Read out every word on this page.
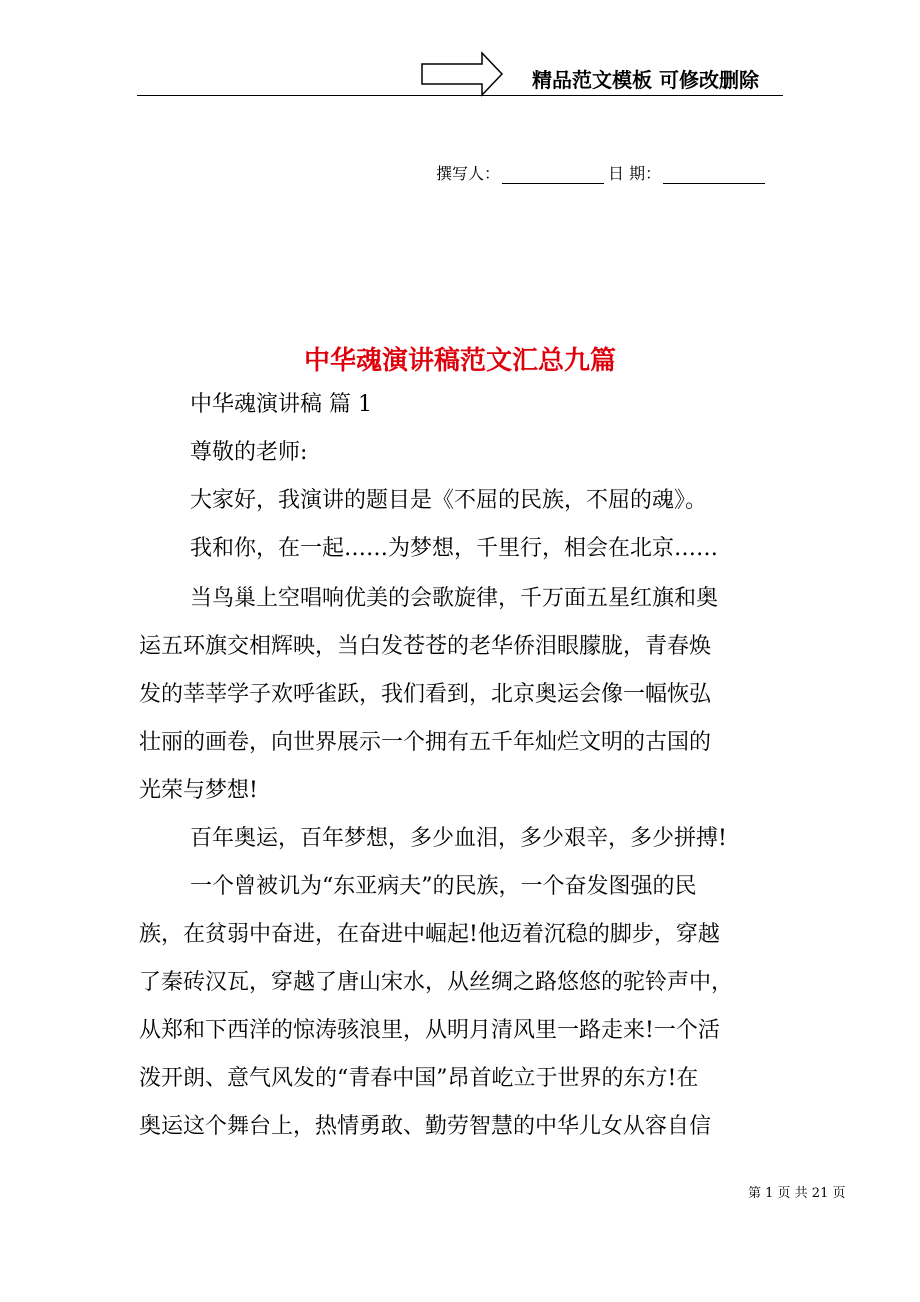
精品范文模板 可修改删除
撰写人：	日 期：
中华魂演讲稿范文汇总九篇
中华魂演讲稿 篇 1
尊敬的老师:
大家好，我演讲的题目是《不屈的民族，不屈的魂》。
我和你，在一起……为梦想，千里行，相会在北京……
当鸟巢上空唱响优美的会歌旋律，千万面五星红旗和奥
运五环旗交相辉映，当白发苍苍的老华侨泪眼朦胧，青春焕
发的莘莘学子欢呼雀跃，我们看到，北京奥运会像一幅恢弘
壮丽的画卷，向世界展示一个拥有五千年灿烂文明的古国的
光荣与梦想!
百年奥运，百年梦想，多少血泪，多少艰辛，多少拼搏!
一个曾被讥为“东亚病夫”的民族，一个奋发图强的民
族，在贫弱中奋进，在奋进中崛起!他迈着沉稳的脚步，穿越
了秦砖汉瓦，穿越了唐山宋水，从丝绸之路悠悠的驼铃声中，
从郑和下西洋的惊涛骇浪里，从明月清风里一路走来!一个活
泼开朗、意气风发的“青春中国”昂首屹立于世界的东方!在
奥运这个舞台上，热情勇敢、勤劳智慧的中华儿女从容自信
第 1 页 共 21 页
